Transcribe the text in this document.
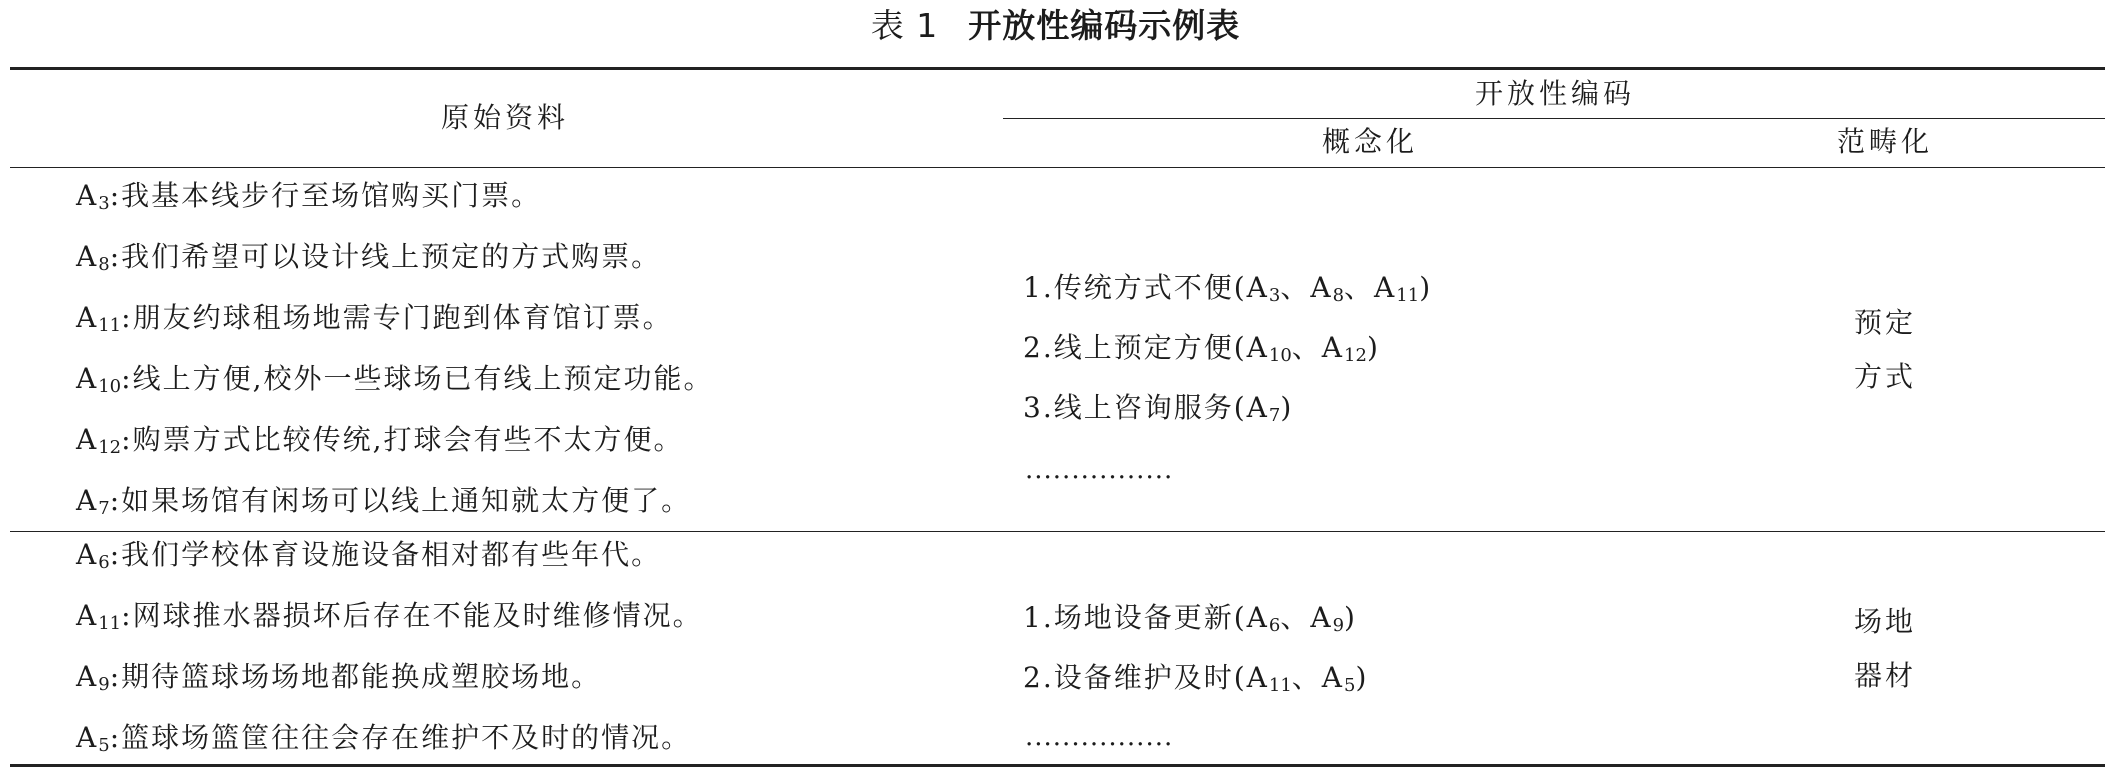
表 1 开放性编码示例表
原始资料
开放性编码
概念化	范畴化
$A_3$:我基本线步行至场馆购买门票。
$A_8$:我们希望可以设计线上预定的方式购票。
$A_{11}$:朋友约球租场地需专门跑到体育馆订票。
$A_{10}$:线上方便,校外一些球场已有线上预定功能。
$A_{12}$:购票方式比较传统,打球会有些不太方便。
$A_7$:如果场馆有闲场可以线上通知就太方便了。
1.传统方式不便($A_3$、$A_8$、$A_{11}$)
2.线上预定方便($A_{10}$、$A_{12}$)
3.线上咨询服务$(A_7)$
................
预定
方式
$A_6$:我们学校体育设施设备相对都有些年代。
$A_{11}$:网球推水器损坏后存在不能及时维修情况。
$A_9$:期待篮球场场地都能换成塑胶场地。
$A_5$:篮球场篮筐往往会存在维护不及时的情况。
1.场地设备更新($A_6$、$A_9$)
2.设备维护及时($A_{11}$、$A_5$)
................
场地
器材
